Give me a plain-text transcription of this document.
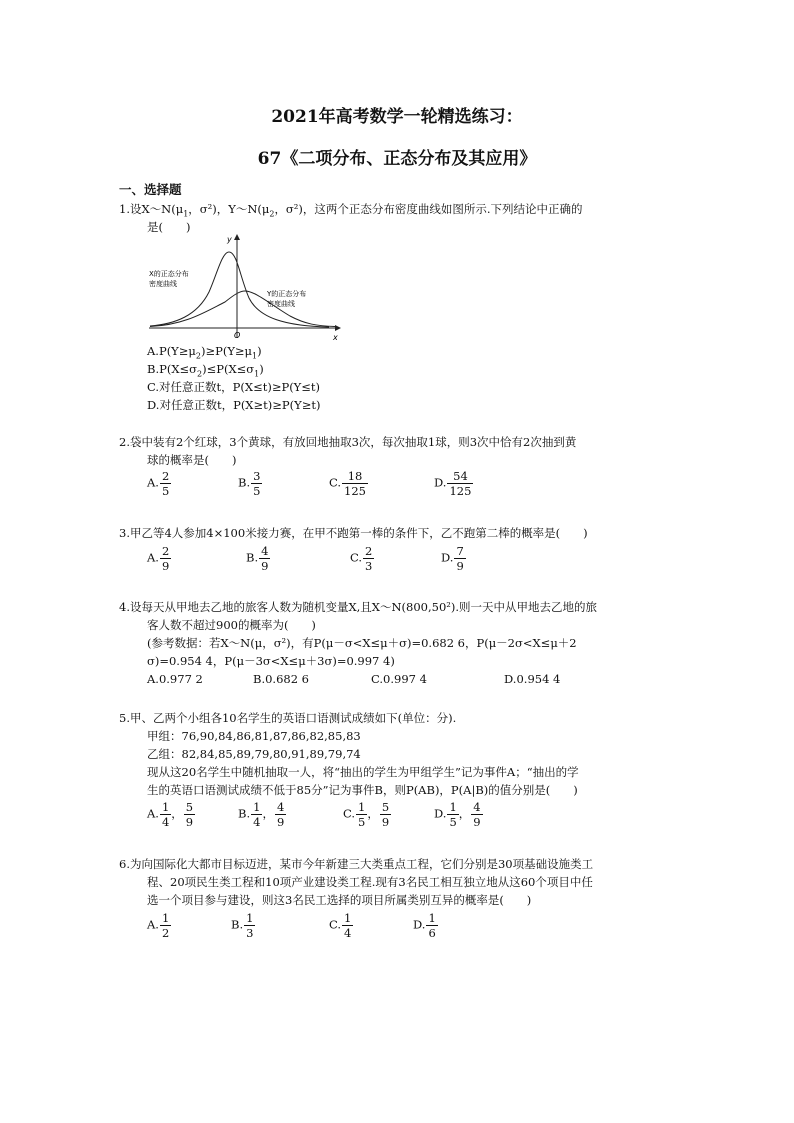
2021年高考数学一轮精选练习：
67《二项分布、正态分布及其应用》
一、选择题
1.设$X\sim N(\mu_1$，σ²)，$Y\sim N(\mu_2$，σ²)，这两个正态分布密度曲线如图所示.下列结论中正确的
是(　　)
y
x
O
X的正态分布
密度曲线
Y的正态分布
密度曲线
$A.P(Y\ge\mu_2)\ge P(Y\ge\mu_1)$
$B.P(X\le\sigma_2)\le P(X\le\sigma_1)$
C.对任意正数t，P(X≤t)≥P(Y≤t)
D.对任意正数t，P(X≥t)≥P(Y≥t)
2.袋中装有2个红球，3个黄球，有放回地抽取3次，每次抽取1球，则3次中恰有2次抽到黄
球的概率是(　　)
A. $\frac{2}{5}$	B. $\frac{3}{5}$	C. $\frac{18}{125}$	D. $\frac{54}{125}$
3.甲乙等4人参加4×100米接力赛，在甲不跑第一棒的条件下，乙不跑第二棒的概率是(　　)
A. $\frac{2}{9}$	B. $\frac{4}{9}$	C. $\frac{2}{3}$	D. $\frac{7}{9}$
4.设每天从甲地去乙地的旅客人数为随机变量X,且X～N(800,50²).则一天中从甲地去乙地的旅
客人数不超过900的概率为(　　)
(参考数据：若X～N(μ，σ²)，有P(μ－σ<X≤μ＋σ)=0.682 6，P(μ－2σ<X≤μ＋2
σ)=0.954 4，P(μ－3σ<X≤μ＋3σ)=0.997 4)
A.0.977 2	B.0.682 6	C.0.997 4	D.0.954 4
5.甲、乙两个小组各10名学生的英语口语测试成绩如下(单位：分).
甲组：76,90,84,86,81,87,86,82,85,83
乙组：82,84,85,89,79,80,91,89,79,74
现从这20名学生中随机抽取一人，将“抽出的学生为甲组学生”记为事件A；“抽出的学
生的英语口语测试成绩不低于85分”记为事件B，则P(AB)，P(A|B)的值分别是(　　)
A. $\frac{1}{4}$ ， $\frac{5}{9}$	B. $\frac{1}{4}$ ， $\frac{4}{9}$	C. $\frac{1}{5}$ ， $\frac{5}{9}$	D. $\frac{1}{5}$ ， $\frac{4}{9}$
6.为向国际化大都市目标迈进，某市今年新建三大类重点工程，它们分别是30项基础设施类工
程、20项民生类工程和10项产业建设类工程.现有3名民工相互独立地从这60个项目中任
选一个项目参与建设，则这3名民工选择的项目所属类别互异的概率是(　　)
A. $\frac{1}{2}$	B. $\frac{1}{3}$	C. $\frac{1}{4}$	D. $\frac{1}{6}$
